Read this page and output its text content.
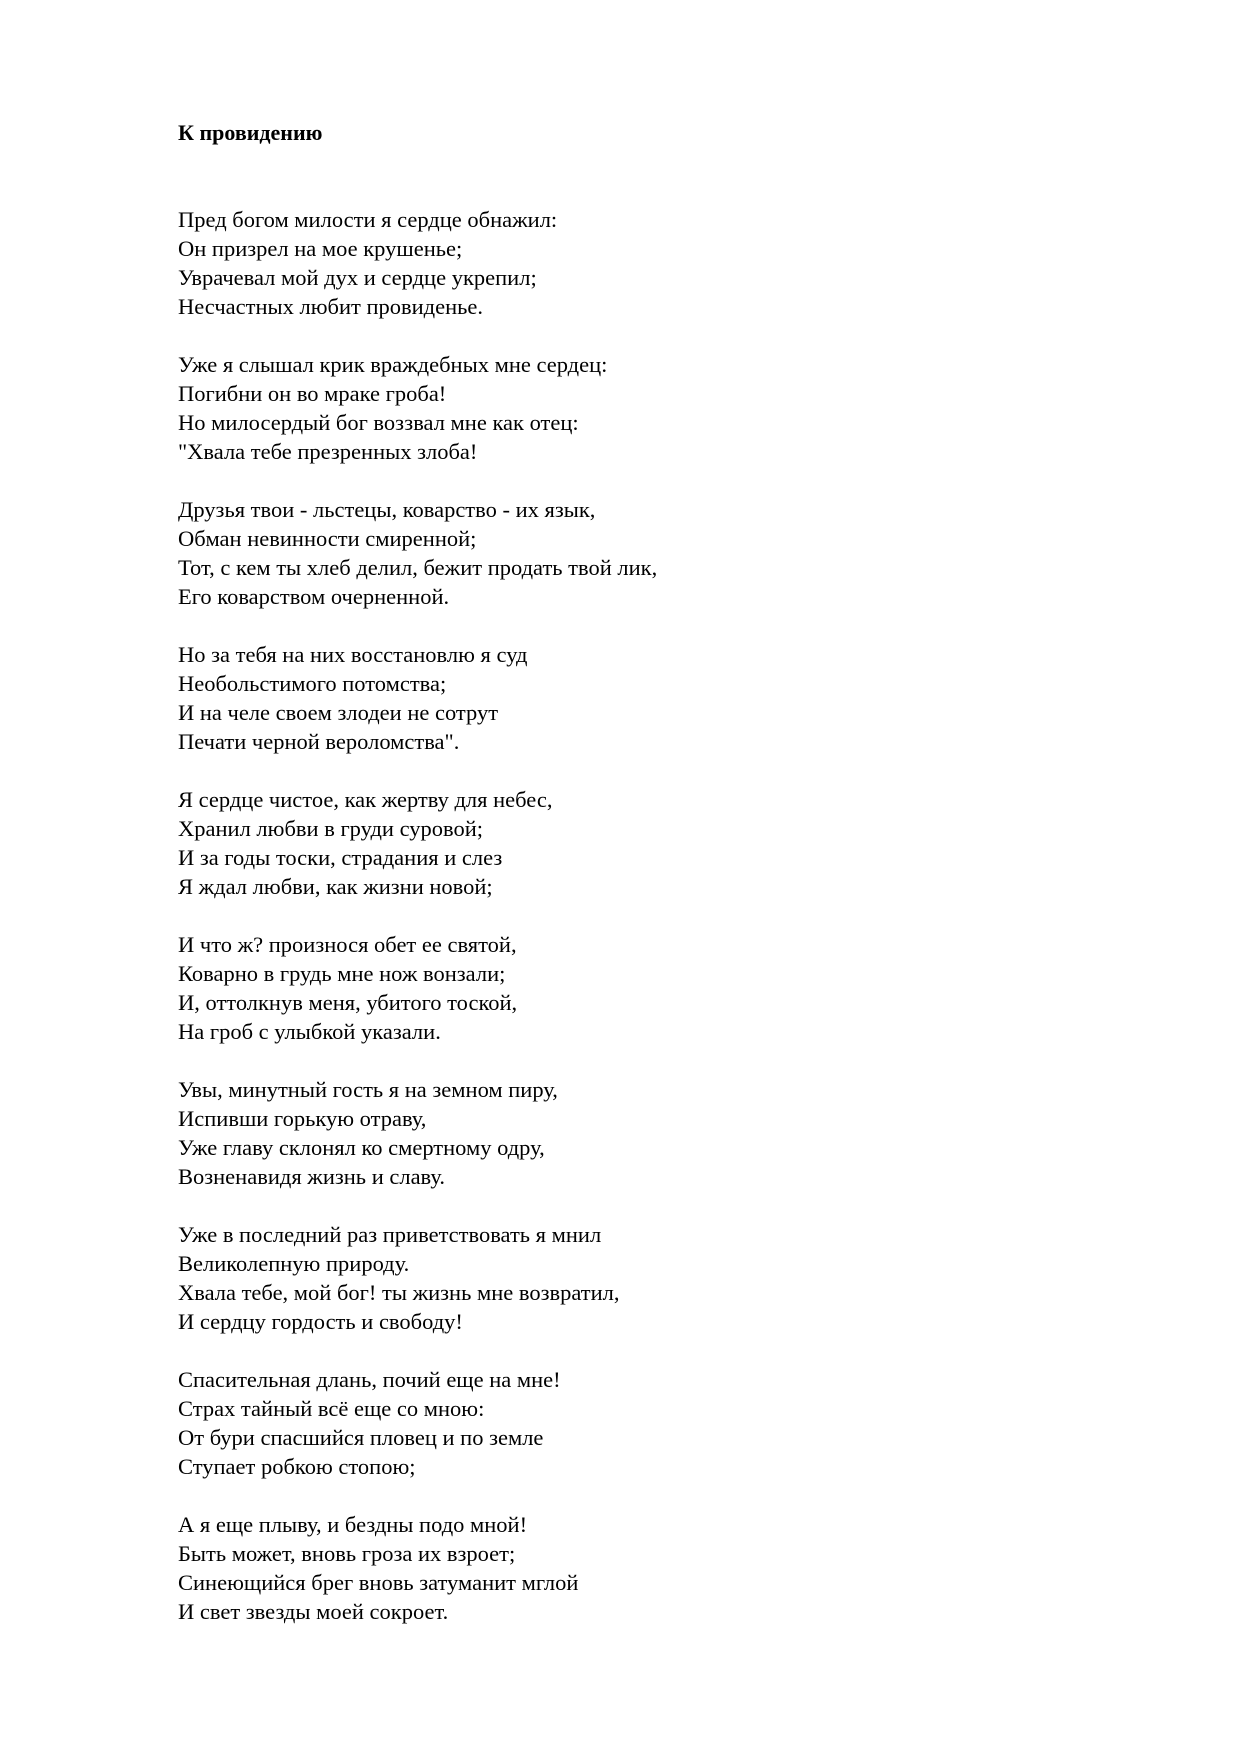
К провидению
Пред богом милости я сердце обнажил:
Он призрел на мое крушенье;
Уврачевал мой дух и сердце укрепил;
Несчастных любит провиденье.
Уже я слышал крик враждебных мне сердец:
Погибни он во мраке гроба!
Но милосердый бог воззвал мне как отец:
"Хвала тебе презренных злоба!
Друзья твои - льстецы, коварство - их язык,
Обман невинности смиренной;
Тот, с кем ты хлеб делил, бежит продать твой лик,
Его коварством очерненной.
Но за тебя на них восстановлю я суд
Необольстимого потомства;
И на челе своем злодеи не сотрут
Печати черной вероломства".
Я сердце чистое, как жертву для небес,
Хранил любви в груди суровой;
И за годы тоски, страдания и слез
Я ждал любви, как жизни новой;
И что ж? произнося обет ее святой,
Коварно в грудь мне нож вонзали;
И, оттолкнув меня, убитого тоской,
На гроб с улыбкой указали.
Увы, минутный гость я на земном пиру,
Испивши горькую отраву,
Уже главу склонял ко смертному одру,
Возненавидя жизнь и славу.
Уже в последний раз приветствовать я мнил
Великолепную природу.
Хвала тебе, мой бог! ты жизнь мне возвратил,
И сердцу гордость и свободу!
Спасительная длань, почий еще на мне!
Страх тайный всё еще со мною:
От бури спасшийся пловец и по земле
Ступает робкою стопою;
А я еще плыву, и бездны подо мной!
Быть может, вновь гроза их взроет;
Синеющийся брег вновь затуманит мглой
И свет звезды моей сокроет.
